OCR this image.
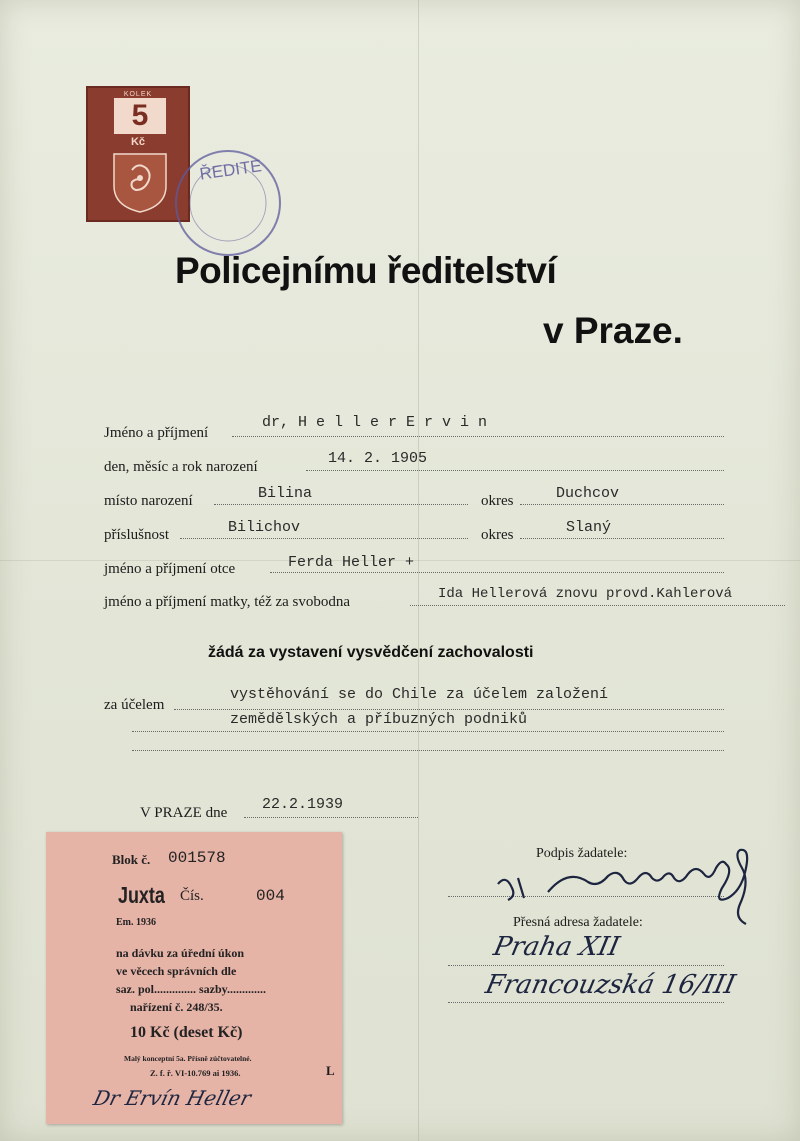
KOLEK
5
Kč
ŘEDITE
Policejnímu ředitelství
v Praze.
Jméno a příjmení
dr, H e l l e r E r v i n
den, měsíc a rok narození	14. 2. 1905
místo narození	Bilina	okres	Duchcov
příslušnost	Bilichov	okres	Slaný
jméno a příjmení otce	Ferda Heller +
jméno a příjmení matky, též za svobodna	Ida Hellerová znovu provd.Kahlerová
žádá za vystavení vysvědčení zachovalosti
za účelem
vystěhování se do Chile za účelem založení
zemědělských a příbuzných podniků
V PRAZE dne 22.2.1939
Podpis žadatele:
Přesná adresa žadatele:
Praha XII
Francouzská 16/III
Blok č. 001578
Juxta Čís.	004
Em. 1936
na dávku za úřední úkon
ve věcech správních dle
saz. pol.............. sazby.............
nařízení č. 248/35.
10 Kč (deset Kč)
Malý konceptní 5a. Přísně zúčtovatelné.
Z. f. ř. VI-10.769 ai 1936.
Dr Ervín Heller
L
